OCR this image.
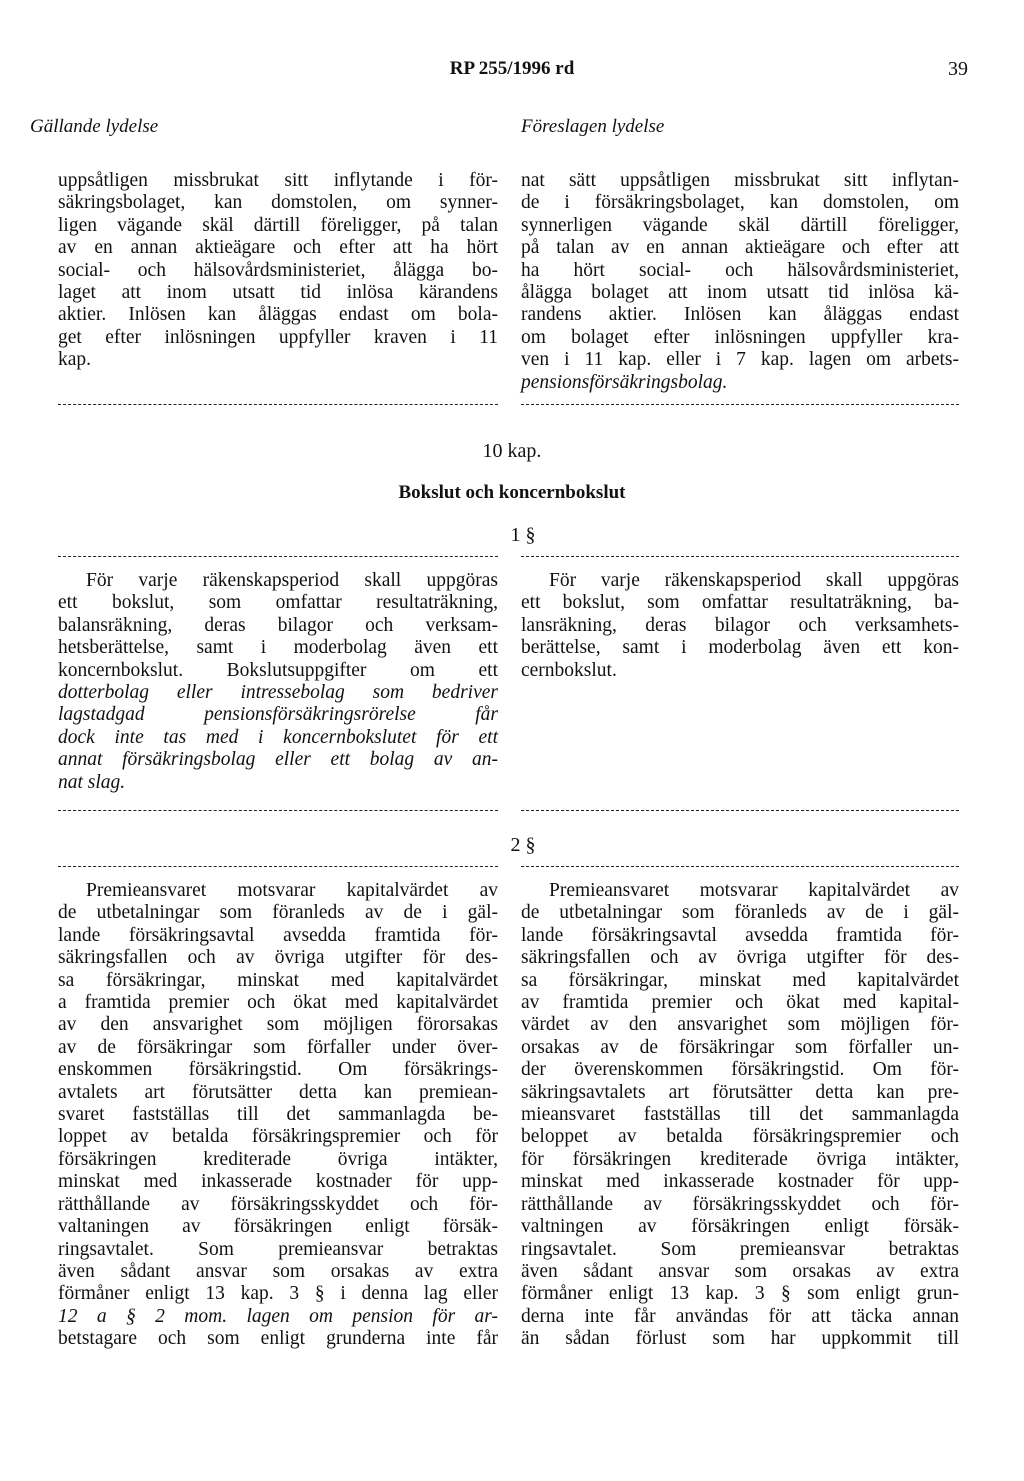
RP 255/1996 rd	39
Gällande lydelse	Föreslagen lydelse
uppsåtligen missbrukat sitt inflytande i för-
säkringsbolaget, kan domstolen, om synner-
ligen vägande skäl därtill föreligger, på talan
av en annan aktieägare och efter att ha hört
social- och hälsovårdsministeriet, ålägga bo-
laget att inom utsatt tid inlösa kärandens
aktier. Inlösen kan åläggas endast om bola-
get efter inlösningen uppfyller kraven i 11
kap.
nat sätt uppsåtligen missbrukat sitt inflytan-
de i försäkringsbolaget, kan domstolen, om
synnerligen vägande skäl därtill föreligger,
på talan av en annan aktieägare och efter att
ha hört social- och hälsovårdsministeriet,
ålägga bolaget att inom utsatt tid inlösa kä-
randens aktier. Inlösen kan åläggas endast
om bolaget efter inlösningen uppfyller kra-
ven i 11 kap. eller i 7 kap. lagen om arbets-
pensionsförsäkringsbolag.
10 kap.
Bokslut och koncernbokslut
1 §
För varje räkenskapsperiod skall uppgöras
ett bokslut, som omfattar resultaträkning,
balansräkning, deras bilagor och verksam-
hetsberättelse, samt i moderbolag även ett
koncernbokslut. Bokslutsuppgifter om ett
dotterbolag eller intressebolag som bedriver
lagstadgad pensionsförsäkringsrörelse får
dock inte tas med i koncernbokslutet för ett
annat försäkringsbolag eller ett bolag av an-
nat slag.
För varje räkenskapsperiod skall uppgöras
ett bokslut, som omfattar resultaträkning, ba-
lansräkning, deras bilagor och verksamhets-
berättelse, samt i moderbolag även ett kon-
cernbokslut.
2 §
Premieansvaret motsvarar kapitalvärdet av
de utbetalningar som föranleds av de i gäl-
lande försäkringsavtal avsedda framtida för-
säkringsfallen och av övriga utgifter för des-
sa försäkringar, minskat med kapitalvärdet
a framtida premier och ökat med kapitalvärdet
av den ansvarighet som möjligen förorsakas
av de försäkringar som förfaller under över-
enskommen försäkringstid. Om försäkrings-
avtalets art förutsätter detta kan premiean-
svaret fastställas till det sammanlagda be-
loppet av betalda försäkringspremier och för
försäkringen krediterade övriga intäkter,
minskat med inkasserade kostnader för upp-
rätthållande av försäkringsskyddet och för-
valtaningen av försäkringen enligt försäk-
ringsavtalet. Som premieansvar betraktas
även sådant ansvar som orsakas av extra
förmåner enligt 13 kap. 3 § i denna lag eller
12 a § 2 mom. lagen om pension för ar-
betstagare och som enligt grunderna inte får
Premieansvaret motsvarar kapitalvärdet av
de utbetalningar som föranleds av de i gäl-
lande försäkringsavtal avsedda framtida för-
säkringsfallen och av övriga utgifter för des-
sa försäkringar, minskat med kapitalvärdet
av framtida premier och ökat med kapital-
värdet av den ansvarighet som möjligen för-
orsakas av de försäkringar som förfaller un-
der överenskommen försäkringstid. Om för-
säkringsavtalets art förutsätter detta kan pre-
mieansvaret fastställas till det sammanlagda
beloppet av betalda försäkringspremier och
för försäkringen krediterade övriga intäkter,
minskat med inkasserade kostnader för upp-
rätthållande av försäkringsskyddet och för-
valtningen av försäkringen enligt försäk-
ringsavtalet. Som premieansvar betraktas
även sådant ansvar som orsakas av extra
förmåner enligt 13 kap. 3 § som enligt grun-
derna inte får användas för att täcka annan
än sådan förlust som har uppkommit till
